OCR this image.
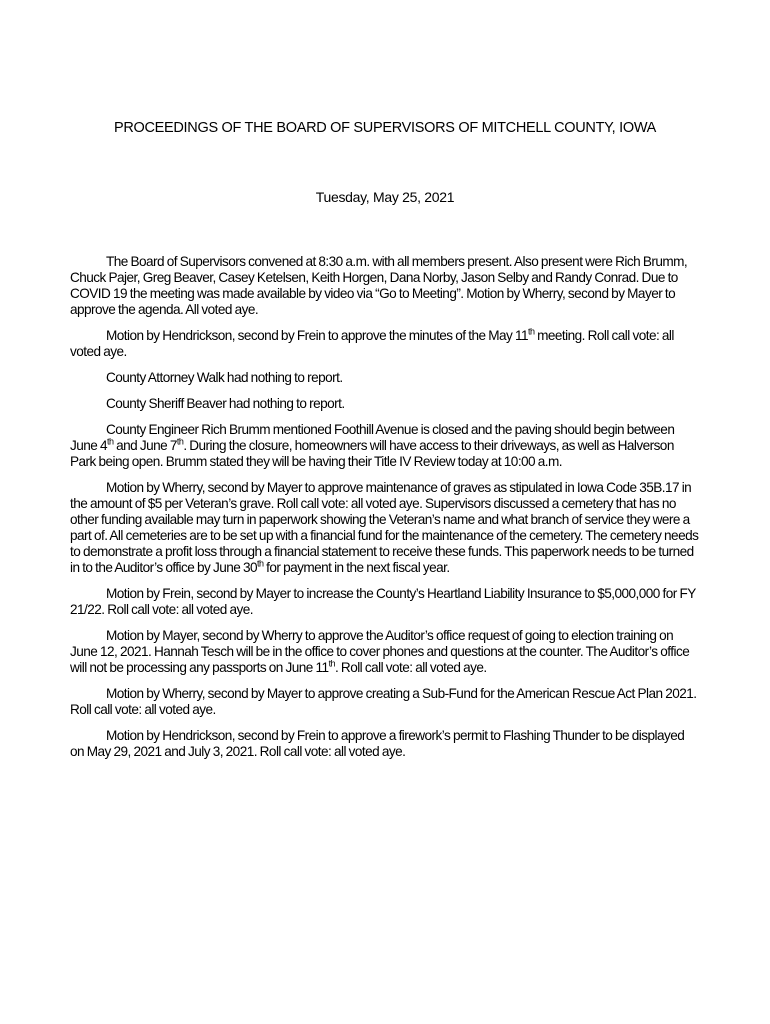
PROCEEDINGS OF THE BOARD OF SUPERVISORS OF MITCHELL COUNTY, IOWA
Tuesday, May 25, 2021

The Board of Supervisors convened at 8:30 a.m. with all members present. Also present were Rich Brumm, Chuck Pajer, Greg Beaver, Casey Ketelsen, Keith Horgen, Dana Norby, Jason Selby and Randy Conrad. Due to COVID 19 the meeting was made available by video via “Go to Meeting”. Motion by Wherry, second by Mayer to approve the agenda. All voted aye.

Motion by Hendrickson, second by Frein to approve the minutes of the May 11th meeting. Roll call vote: all voted aye.

County Attorney Walk had nothing to report.

County Sheriff Beaver had nothing to report.

County Engineer Rich Brumm mentioned Foothill Avenue is closed and the paving should begin between June 4th and June 7th. During the closure, homeowners will have access to their driveways, as well as Halverson Park being open. Brumm stated they will be having their Title IV Review today at 10:00 a.m.

Motion by Wherry, second by Mayer to approve maintenance of graves as stipulated in Iowa Code 35B.17 in the amount of $5 per Veteran’s grave. Roll call vote: all voted aye. Supervisors discussed a cemetery that has no other funding available may turn in paperwork showing the Veteran’s name and what branch of service they were a part of. All cemeteries are to be set up with a financial fund for the maintenance of the cemetery. The cemetery needs to demonstrate a profit loss through a financial statement to receive these funds. This paperwork needs to be turned in to the Auditor’s office by June 30th for payment in the next fiscal year.

Motion by Frein, second by Mayer to increase the County’s Heartland Liability Insurance to $5,000,000 for FY 21/22. Roll call vote: all voted aye.

Motion by Mayer, second by Wherry to approve the Auditor’s office request of going to election training on June 12, 2021. Hannah Tesch will be in the office to cover phones and questions at the counter. The Auditor’s office will not be processing any passports on June 11th. Roll call vote: all voted aye.

Motion by Wherry, second by Mayer to approve creating a Sub-Fund for the American Rescue Act Plan 2021. Roll call vote: all voted aye.

Motion by Hendrickson, second by Frein to approve a firework’s permit to Flashing Thunder to be displayed on May 29, 2021 and July 3, 2021. Roll call vote: all voted aye.
